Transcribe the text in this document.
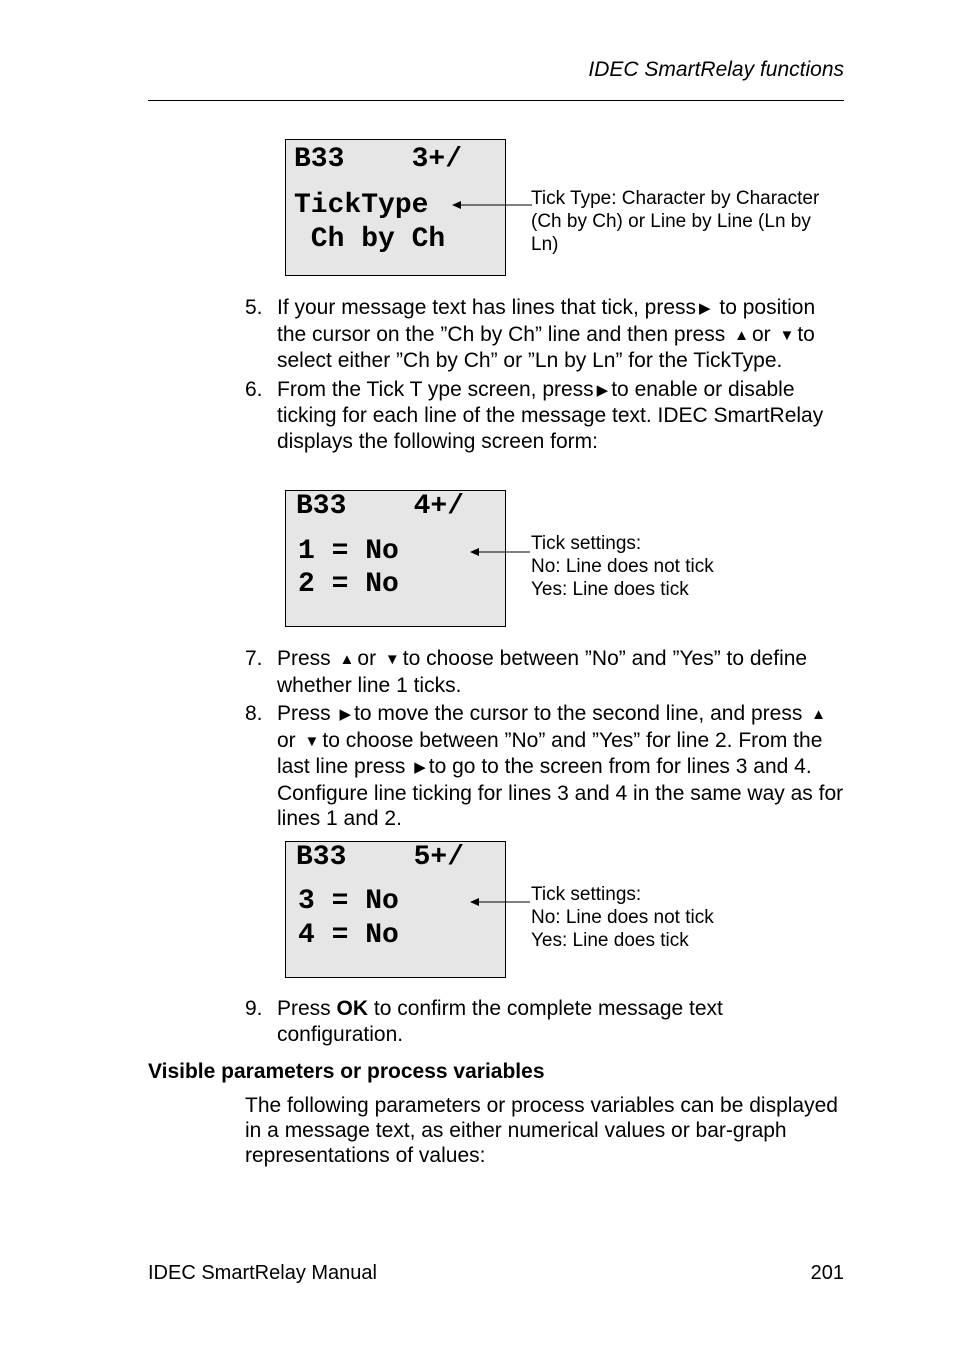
IDEC SmartRelay functions
B33    3+/
TickType
Ch by Ch
Tick Type: Character by Character
(Ch by Ch) or Line by Line (Ln by
Ln)
5. If your message text has lines that tick, press ▶ to position the cursor on the ”Ch by Ch” line and then press ▲ or ▼ to select either ”Ch by Ch” or ”Ln by Ln” for the TickType.
6. From the Tick T ype screen, press ▶ to enable or disable ticking for each line of the message text. IDEC SmartRelay displays the following screen form:
B33    4+/
1 = No
2 = No
Tick settings:
No: Line does not tick
Yes: Line does tick
7. Press ▲ or ▼ to choose between ”No” and ”Yes” to define whether line 1 ticks.
8. Press ▶ to move the cursor to the second line, and press ▲or ▼ to choose between ”No” and ”Yes” for line 2. From the last line press ▶ to go to the screen from for lines 3 and 4. Configure line ticking for lines 3 and 4 in the same way as for lines 1 and 2.
B33    5+/
3 = No
4 = No
Tick settings:
No: Line does not tick
Yes: Line does tick
9. Press OK to confirm the complete message text configuration.
Visible parameters or process variables
The following parameters or process variables can be displayed in a message text, as either numerical values or bar-graph representations of values:
IDEC SmartRelay Manual	201
